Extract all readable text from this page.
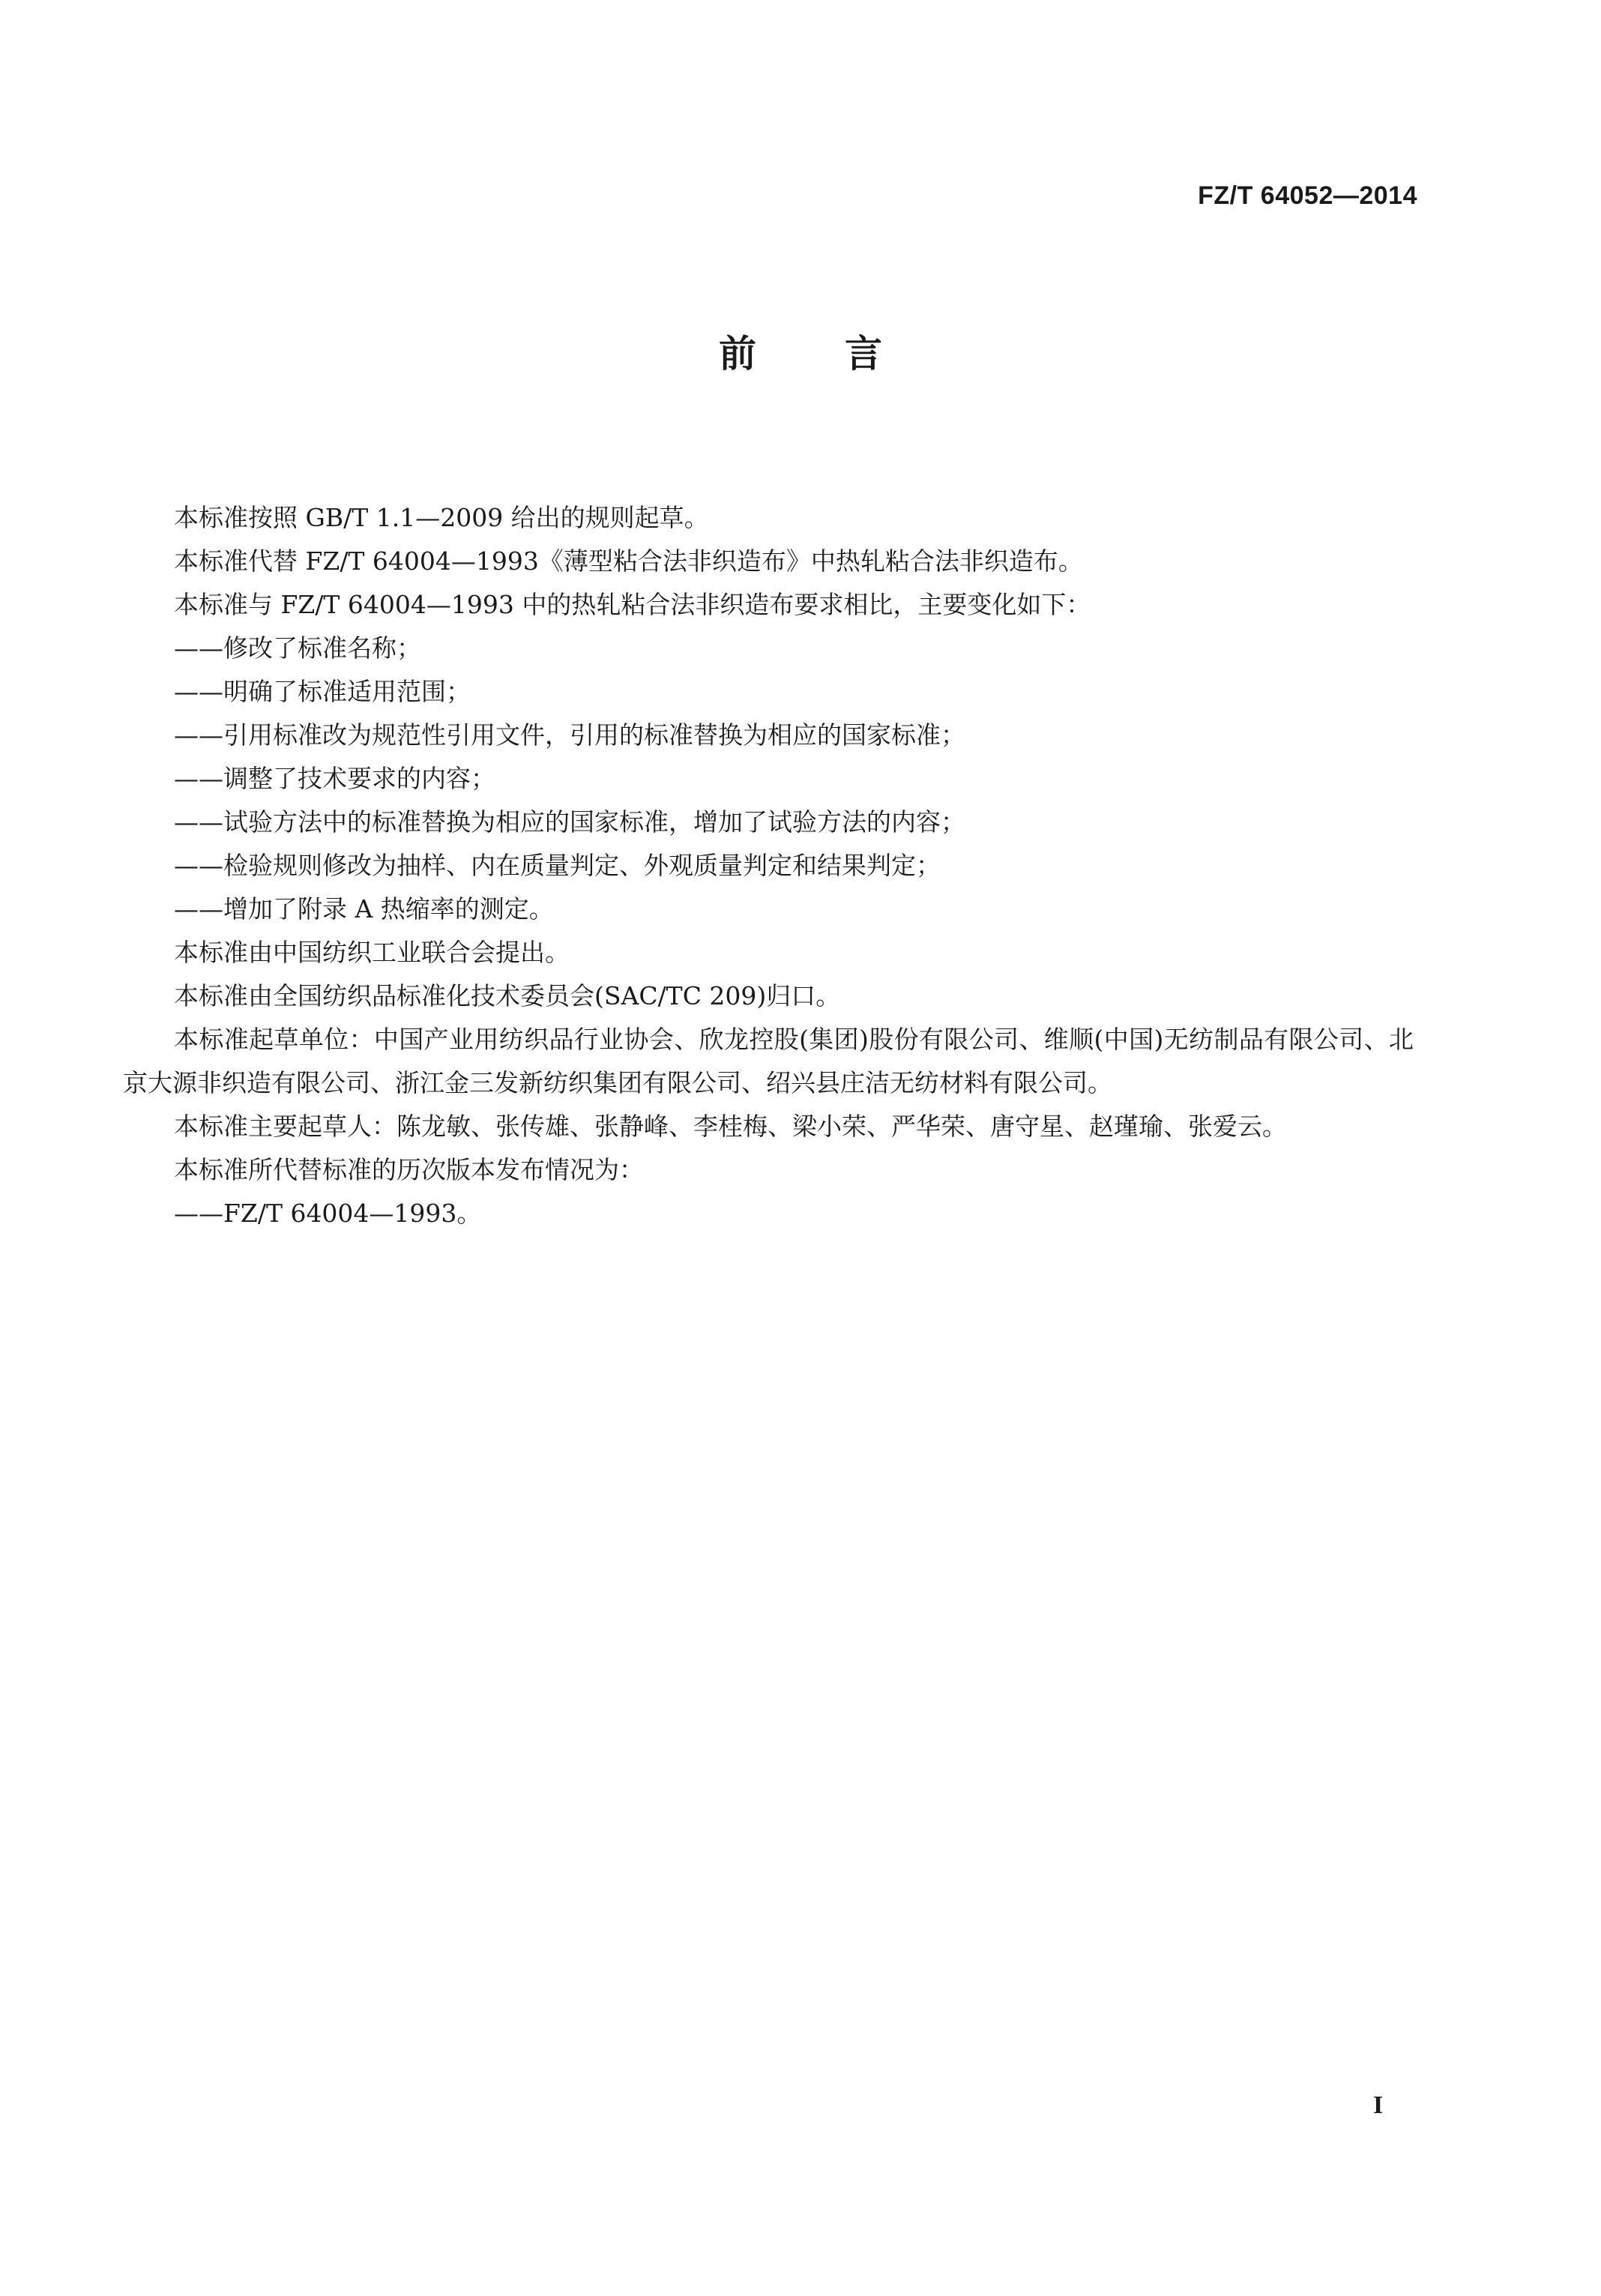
FZ/T 64052—2014
前言

本标准按照 GB/T 1.1—2009 给出的规则起草。

本标准代替 FZ/T 64004—1993《薄型粘合法非织造布》中热轧粘合法非织造布。

本标准与 FZ/T 64004—1993 中的热轧粘合法非织造布要求相比，主要变化如下：

——修改了标准名称；

——明确了标准适用范围；

——引用标准改为规范性引用文件，引用的标准替换为相应的国家标准；

——调整了技术要求的内容；

——试验方法中的标准替换为相应的国家标准，增加了试验方法的内容；

——检验规则修改为抽样、内在质量判定、外观质量判定和结果判定；

——增加了附录 A 热缩率的测定。

本标准由中国纺织工业联合会提出。

本标准由全国纺织品标准化技术委员会(SAC/TC 209)归口。

本标准起草单位：中国产业用纺织品行业协会、欣龙控股(集团)股份有限公司、维顺(中国)无纺制品有限公司、北京大源非织造有限公司、浙江金三发新纺织集团有限公司、绍兴县庄洁无纺材料有限公司。

本标准主要起草人：陈龙敏、张传雄、张静峰、李桂梅、梁小荣、严华荣、唐守星、赵瑾瑜、张爱云。

本标准所代替标准的历次版本发布情况为：

——FZ/T 64004—1993。

I
